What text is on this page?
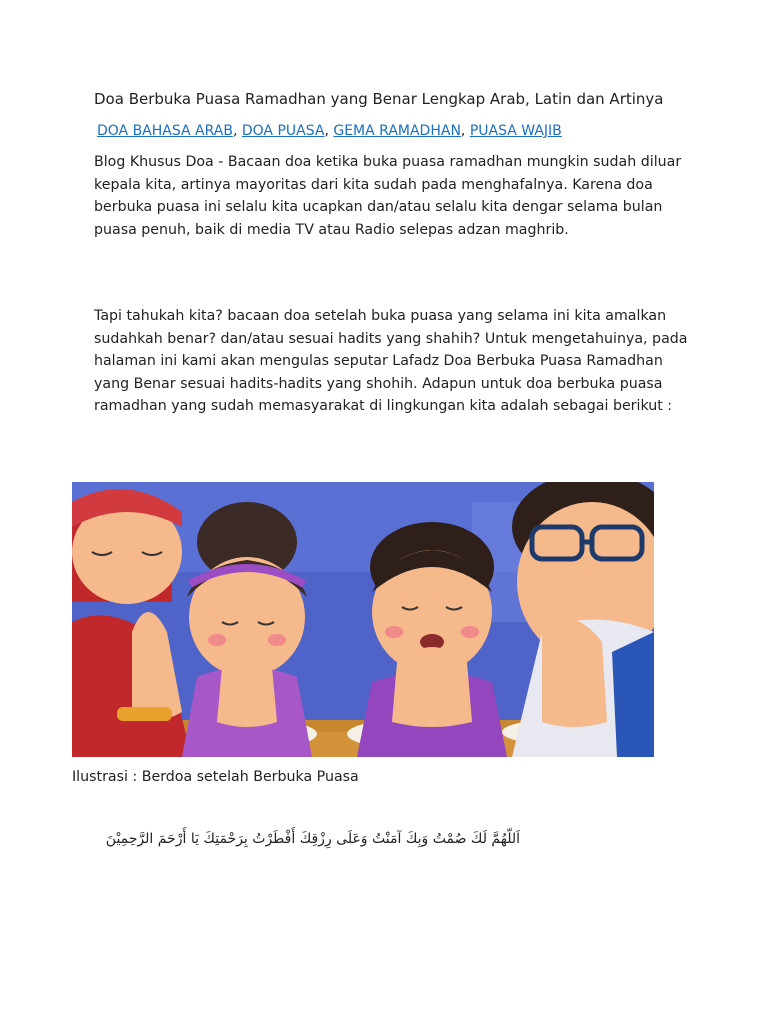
Doa Berbuka Puasa Ramadhan yang Benar Lengkap Arab, Latin dan Artinya
DOA BAHASA ARAB, DOA PUASA, GEMA RAMADHAN, PUASA WAJIB

Blog Khusus Doa - Bacaan doa ketika buka puasa ramadhan mungkin sudah diluar kepala kita, artinya mayoritas dari kita sudah pada menghafalnya. Karena doa berbuka puasa ini selalu kita ucapkan dan/atau selalu kita dengar selama bulan puasa penuh, baik di media TV atau Radio selepas adzan maghrib.

Tapi tahukah kita? bacaan doa setelah buka puasa yang selama ini kita amalkan sudahkah benar? dan/atau sesuai hadits yang shahih? Untuk mengetahuinya, pada halaman ini kami akan mengulas seputar Lafadz Doa Berbuka Puasa Ramadhan yang Benar sesuai hadits-hadits yang shohih. Adapun untuk doa berbuka puasa ramadhan yang sudah memasyarakat di lingkungan kita adalah sebagai berikut :

Ilustrasi : Berdoa setelah Berbuka Puasa
اَللّهُمَّ لَكَ صُمْتُ وَبِكَ آمَنْتُ وَعَلَى رِزْقِكَ أَفْطَرْتُ بِرَحْمَتِكَ يَا أَرْحَمَ الرَّحِمِيْنَ
